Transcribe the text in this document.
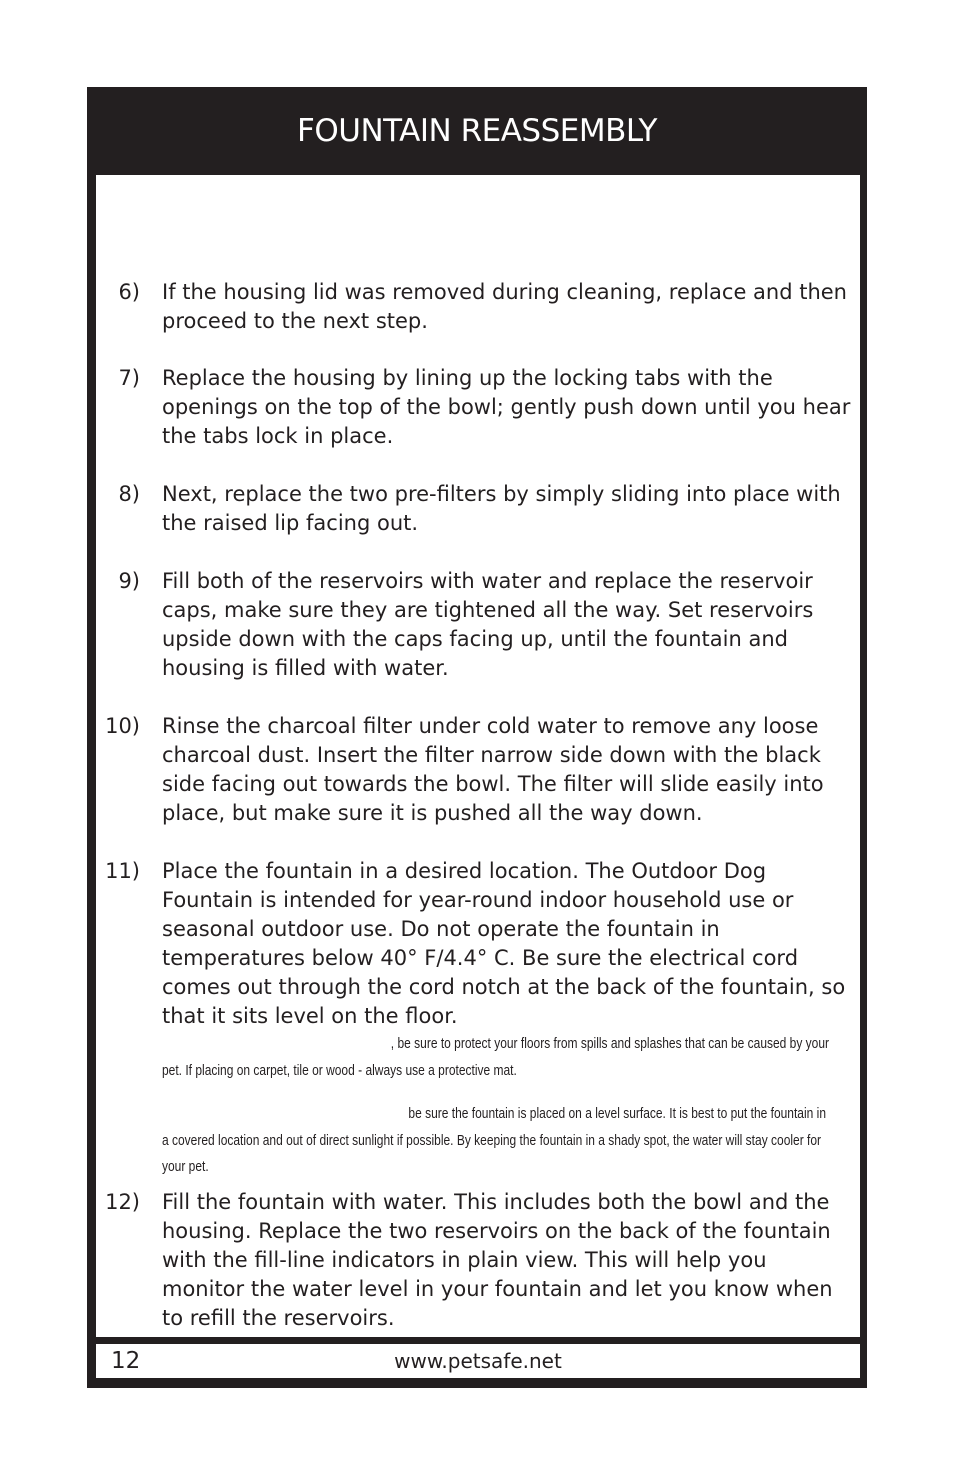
FOUNTAIN REASSEMBLY
6) If the housing lid was removed during cleaning, replace and then proceed to the next step.
7) Replace the housing by lining up the locking tabs with the openings on the top of the bowl; gently push down until you hear the tabs lock in place.
8) Next, replace the two pre-filters by simply sliding into place with the raised lip facing out.
9) Fill both of the reservoirs with water and replace the reservoir caps, make sure they are tightened all the way. Set reservoirs upside down with the caps facing up, until the fountain and housing is filled with water.
10) Rinse the charcoal filter under cold water to remove any loose charcoal dust. Insert the filter narrow side down with the black side facing out towards the bowl. The filter will slide easily into place, but make sure it is pushed all the way down.
11) Place the fountain in a desired location. The Outdoor Dog Fountain is intended for year-round indoor household use or seasonal outdoor use. Do not operate the fountain in temperatures below 40° F/4.4° C. Be sure the electrical cord comes out through the cord notch at the back of the fountain, so that it sits level on the floor.
, be sure to protect your floors from spills and splashes that can be caused by your pet. If placing on carpet, tile or wood - always use a protective mat.
be sure the fountain is placed on a level surface. It is best to put the fountain in a covered location and out of direct sunlight if possible. By keeping the fountain in a shady spot, the water will stay cooler for your pet.
12) Fill the fountain with water. This includes both the bowl and the housing. Replace the two reservoirs on the back of the fountain with the fill-line indicators in plain view. This will help you monitor the water level in your fountain and let you know when to refill the reservoirs.
12	www.petsafe.net
